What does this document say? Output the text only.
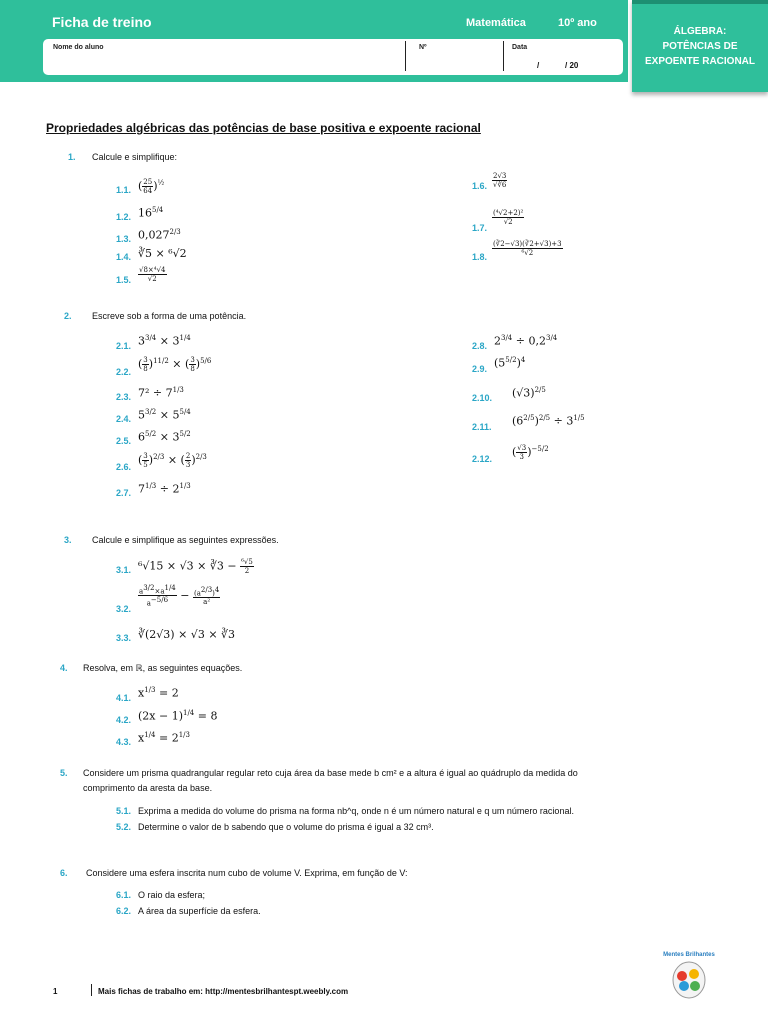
Ficha de treino	Matemática	10º ano
Nome do aluno	Nº	Data
/	/ 20
ÁLGEBRA:
POTÊNCIAS DE
EXPOENTE RACIONAL
Propriedades algébricas das potências de base positiva e expoente racional
1. Calcule e simplifique:
1.1. ( $\frac{25}{64} )^{\frac{1}{2}}$
1.2. $16^{5/4}$
1.3. $0,027^{2/3}$
1.4. ∛5 × ⁶√2
1.5. $\frac{\text{√8×⁴√4}}{√2}$
1.6. $\frac{2√3}{√∛6}$
1.7.
$\frac{\text{(⁴√2+2)²}}{√2}$
1.8. $\frac{(∛2-√3)(∛2+√3)+3}{\text{⁶√2}}$
2. Escreve sob a forma de uma potência.
2.1. $3^{3/4} \times 3^{1/4}$
2.2.
( $\frac{3}{8} )^{11/2}$ × ( $\frac{3}{8} )^{5/6}$
2.3. $7^2 \div 7^{1/3}$
2.4. $5^{3/2} \times 5^{5/4}$
2.5. $6^{5/2} \times 3^{5/2}$
2.6.
( $\frac{3}{5} )^{2/3}$ × ( $\frac{2}{3} )^{2/3}$
2.7. $7^{1/3} \div 2^{1/3}$
2.8. $2^{3/4} \div 0,2^{3/4}$
2.9. $(5^{5/2})^4$
2.10. $(√3)^{2/5}$
2.11. $(6^{2/5})^{2/5} \div 3^{1/5}$
2.12.
( $\frac{√3}{3} )^{-5/2}$
3. Calcule e simplifique as seguintes expressões.
3.1. ⁶√15 × √3 × ∛3 − $\frac{\text{⁶√5}}{2}$
3.2.
$\frac{a^{3/2}\times a^{1/4}}{a^{-5/6}} - \frac{(a^{2/3})^4}{\text{a²}}$
3.3. ∛(2√3) × √3 × ∛3
4. Resolva, em ℝ, as seguintes equações.
4.1. $x^{1/3} = 2$
4.2. $(2x - 1)^{1/4} = 8$
4.3. $x^{1/4} = 2^{1/3}$
5. Considere um prisma quadrangular regular reto cuja área da base mede b cm² e a altura é igual ao quádruplo da medida do
comprimento da aresta da base.
5.1. Exprima a medida do volume do prisma na forma nb^q, onde n é um número natural e q um número racional.
5.2. Determine o valor de b sabendo que o volume do prisma é igual a 32 cm³.
6. Considere uma esfera inscrita num cubo de volume V. Exprima, em função de V:
6.1. O raio da esfera;
6.2. A área da superfície da esfera.
1	Mais fichas de trabalho em: http://mentesbrilhantespt.weebly.com
Mentes Brilhantes
